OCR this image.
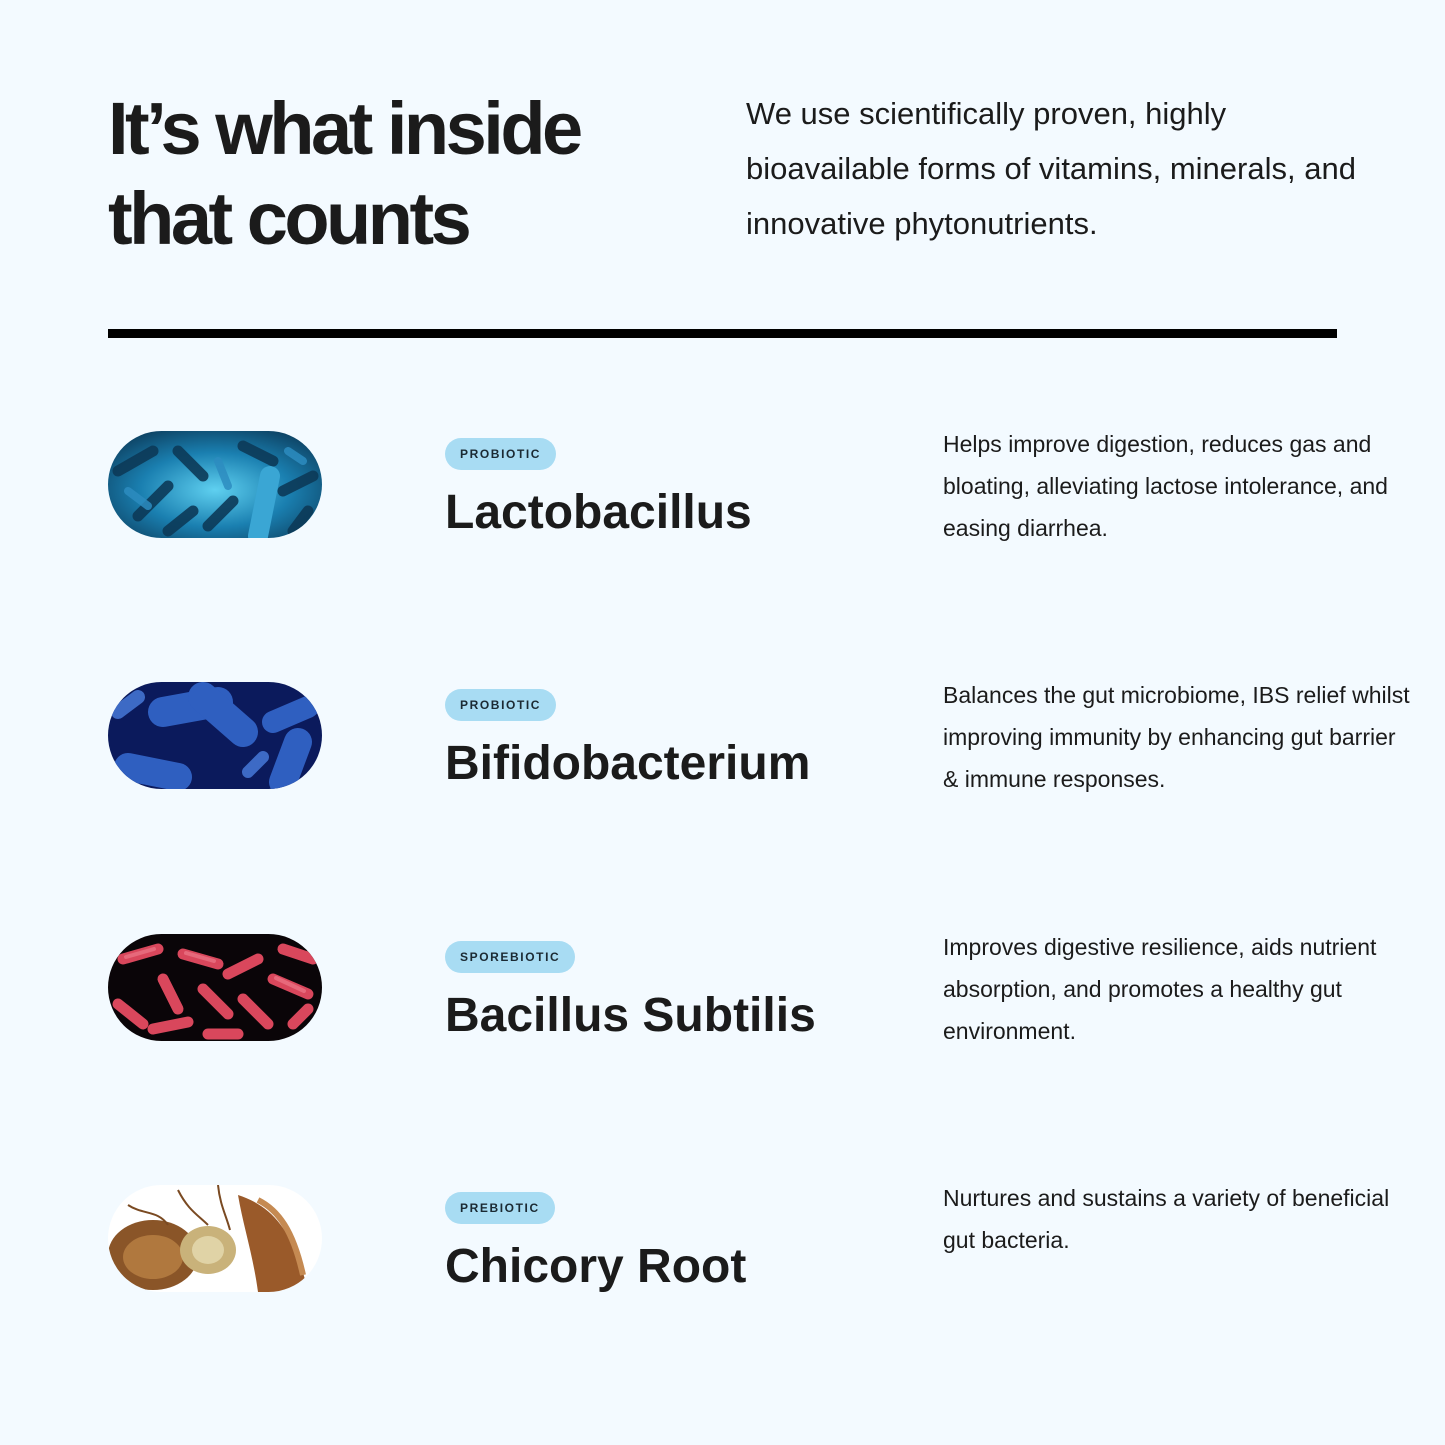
It’s what inside
that counts

We use scientifically proven, highly bioavailable forms of vitamins, minerals, and innovative phytonutrients.

PROBIOTIC
Lactobacillus

Helps improve digestion, reduces gas and bloating, alleviating lactose intolerance, and easing diarrhea.

PROBIOTIC
Bifidobacterium

Balances the gut microbiome, IBS relief whilst improving immunity by enhancing gut barrier & immune responses.

SPOREBIOTIC
Bacillus Subtilis

Improves digestive resilience, aids nutrient absorption, and promotes a healthy gut environment.

PREBIOTIC
Chicory Root

Nurtures and sustains a variety of beneficial gut bacteria.
